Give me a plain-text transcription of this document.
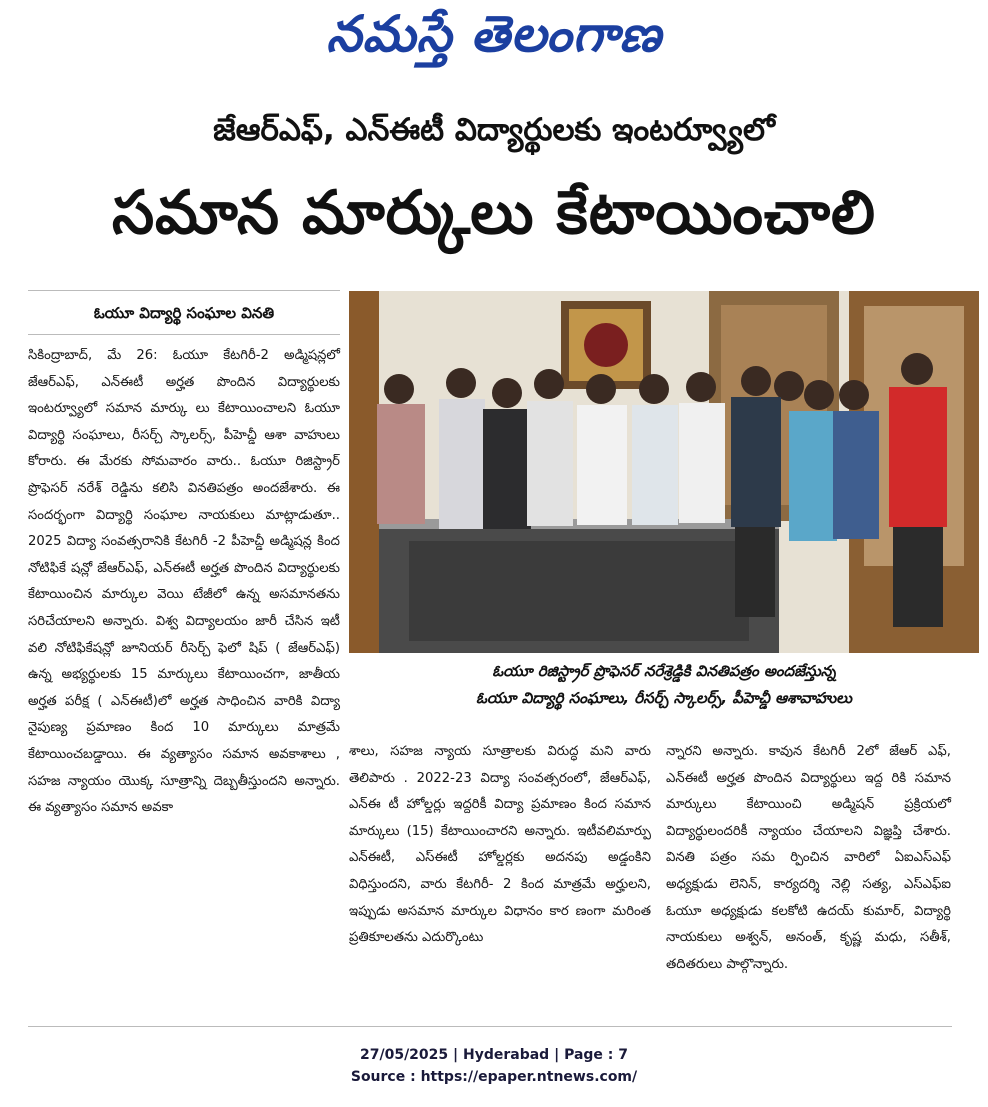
నమస్తే తెలంగాణ
జేఆర్ఎఫ్, ఎన్ఈటీ విద్యార్థులకు ఇంటర్వ్యూలో
సమాన మార్కులు కేటాయించాలి
ఓయూ విద్యార్థి సంఘాల వినతి
సికింద్రాబాద్, మే 26: ఓయూ కేటగిరీ-2 అడ్మిషన్లలో జేఆర్ఎఫ్, ఎన్ఈటీ అర్హత పొందిన విద్యార్థులకు ఇంటర్వ్యూలో సమాన మార్కు లు కేటాయించాలని ఓయూ విద్యార్థి సంఘాలు, రీసర్చ్ స్కాలర్స్, పీహెచ్డీ ఆశా వాహులు కోరారు. ఈ మేరకు సోమవారం వారు.. ఓయూ రిజిస్ట్రార్ ప్రొఫెసర్ నరేశ్ రెడ్డిను కలిసి వినతిపత్రం అందజేశారు. ఈ సందర్భంగా విద్యార్థి సంఘాల నాయకులు మాట్లాడుతూ.. 2025 విద్యా సంవత్సరానికి కేటగిరీ -2 పీహెచ్డీ అడ్మిషన్ల కింద నోటిఫికే షన్లో జేఆర్ఎఫ్, ఎన్ఈటీ అర్హత పొందిన విద్యార్థులకు కేటాయించిన మార్కుల వెయి టేజీలో ఉన్న అసమానతను సరిచేయాలని అన్నారు. విశ్వ విద్యాలయం జారీ చేసిన ఇటీ వలి నోటిఫికేషన్లో జూనియర్ రీసెర్చ్ ఫెలో షిప్ ( జేఆర్ఎఫ్) ఉన్న అభ్యర్థులకు 15 మార్కులు కేటాయించగా, జాతీయ అర్హత పరీక్ష ( ఎన్ఈటీ)లో అర్హత సాధించిన వారికి విద్యా నైపుణ్య ప్రమాణం కింద 10 మార్కులు మాత్రమే కేటాయించబడ్డాయి. ఈ వ్యత్యాసం సమాన అవకాశాలు , సహజ న్యాయం యొక్క సూత్రాన్ని దెబ్బతీస్తుందని అన్నారు. ఈ వ్యత్యాసం సమాన అవకా
ఓయూ రిజిస్ట్రార్ ప్రొఫెసర్ నరేశ్రెడ్డికి వినతిపత్రం అందజేస్తున్న
ఓయూ విద్యార్థి సంఘాలు, రీసర్చ్ స్కాలర్స్, పీహెచ్డీ ఆశావాహులు
శాలు, సహజ న్యాయ సూత్రాలకు విరుద్ధ మని వారు తెలిపారు . 2022-23 విద్యా సంవత్సరంలో, జేఆర్ఎఫ్, ఎన్ఈ టీ హోల్డర్లు ఇద్దరికీ విద్యా ప్రమాణం కింద సమాన మార్కులు (15) కేటాయించారని అన్నారు. ఇటీవలిమార్పు ఎన్ఈటీ, ఎస్ఈటీ హోల్డర్లకు అదనపు అడ్డంకిని విధిస్తుందని, వారు కేటగిరీ- 2 కింద మాత్రమే అర్హులని, ఇప్పుడు అసమాన మార్కుల విధానం కార ణంగా మరింత ప్రతికూలతను ఎదుర్కొంటు
న్నారని అన్నారు. కావున కేటగిరీ 2లో జేఆర్ ఎఫ్, ఎన్ఈటీ అర్హత పొందిన విద్యార్థులు ఇద్ద రికి సమాన మార్కులు కేటాయించి అడ్మిషన్ ప్రక్రియలో విద్యార్థులందరికీ న్యాయం చేయాలని విజ్ఞప్తి చేశారు. వినతి పత్రం సమ ర్పించిన వారిలో ఏఐఎస్ఎఫ్ అధ్యక్షుడు లెనిన్, కార్యదర్శి నెల్లి సత్య, ఎస్ఎఫ్ఐ ఓయూ అధ్యక్షుడు కలకోటి ఉదయ్ కుమార్, విద్యార్థి నాయకులు అశ్వన్, అనంత్, కృష్ణ మధు, సతీశ్, తదితరులు పాల్గొన్నారు.
27/05/2025 | Hyderabad | Page : 7
Source : https://epaper.ntnews.com/
